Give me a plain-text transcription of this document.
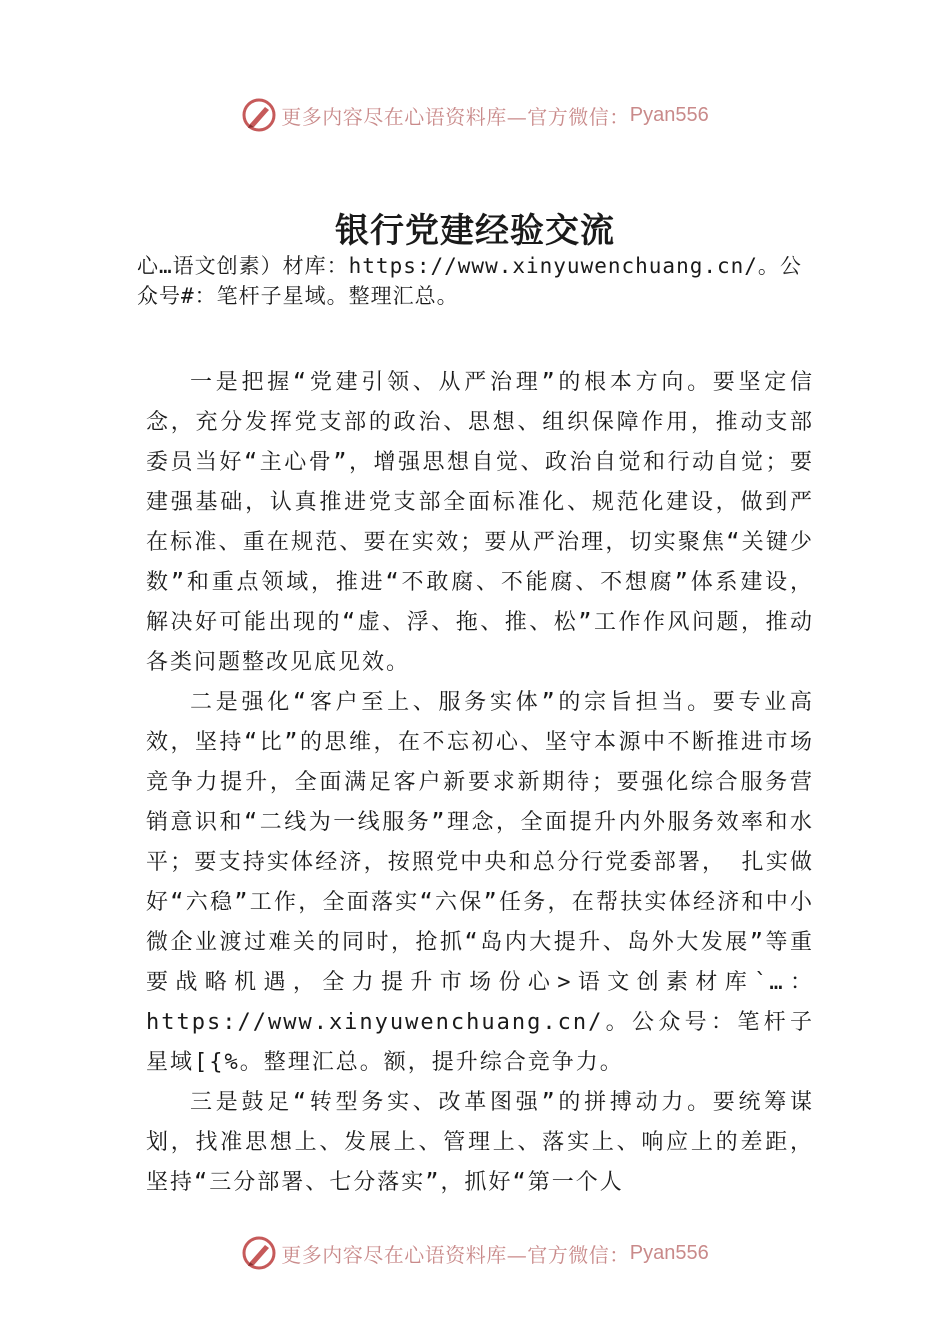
更多内容尽在心语资料库—官方微信： Pyan556
银行党建经验交流
心…语文创素）材库：https://www.xinyuwenchuang.cn/。公
众号#：笔杆子星域。整理汇总。

一是把握“党建引领、从严治理”的根本方向。要坚定信念，充分发挥党支部的政治、思想、组织保障作用，推动支部委员当好“主心骨”，增强思想自觉、政治自觉和行动自觉；要建强基础，认真推进党支部全面标准化、规范化建设，做到严在标准、重在规范、要在实效；要从严治理，切实聚焦“关键少数”和重点领域，推进“不敢腐、不能腐、不想腐”体系建设，解决好可能出现的“虚、浮、拖、推、松”工作作风问题，推动各类问题整改见底见效。

二是强化“客户至上、服务实体”的宗旨担当。要专业高效，坚持“比”的思维，在不忘初心、坚守本源中不断推进市场竞争力提升，全面满足客户新要求新期待；要强化综合服务营销意识和“二线为一线服务”理念，全面提升内外服务效率和水平；要支持实体经济，按照党中央和总分行党委部署， 扎实做好“六稳”工作，全面落实“六保”任务，在帮扶实体经济和中小微企业渡过难关的同时，抢抓“岛内大提升、岛外大发展”等重要战略机遇，全力提升市场份心>语文创素材库`…：https://www.xinyuwenchuang.cn/。公众号：笔杆子星域[{%。整理汇总。额，提升综合竞争力。

三是鼓足“转型务实、改革图强”的拼搏动力。要统筹谋划，找准思想上、发展上、管理上、落实上、响应上的差距， 坚持“三分部署、七分落实”，抓好“第一个人

更多内容尽在心语资料库—官方微信： Pyan556
